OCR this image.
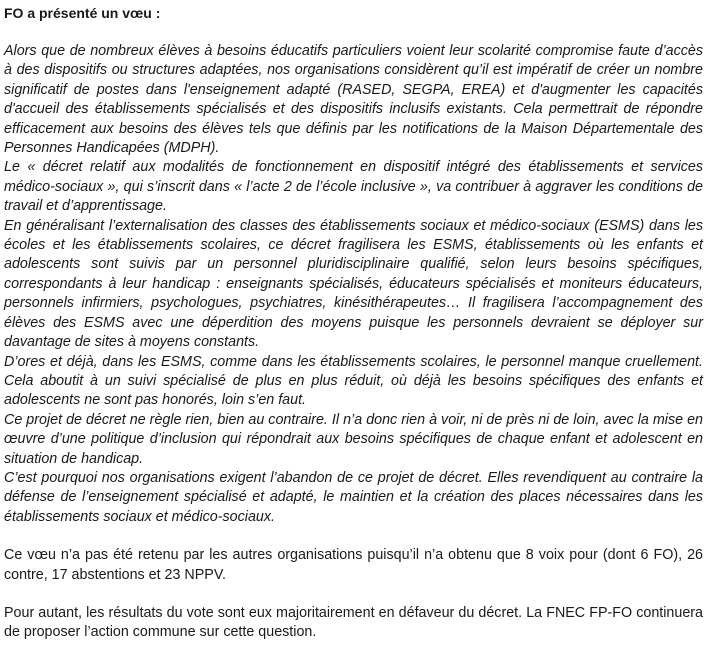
FO a présenté un vœu :

Alors que de nombreux élèves à besoins éducatifs particuliers voient leur scolarité compromise faute d’accès à des dispositifs ou structures adaptées, nos organisations considèrent qu’il est impératif de créer un nombre significatif de postes dans l'enseignement adapté (RASED, SEGPA, EREA) et d'augmenter les capacités d'accueil des établissements spécialisés et des dispositifs inclusifs existants. Cela permettrait de répondre efficacement aux besoins des élèves tels que définis par les notifications de la Maison Départementale des Personnes Handicapées (MDPH).

Le « décret relatif aux modalités de fonctionnement en dispositif intégré des établissements et services médico-sociaux », qui s’inscrit dans « l’acte 2 de l’école inclusive », va contribuer à aggraver les conditions de travail et d’apprentissage.

En généralisant l’externalisation des classes des établissements sociaux et médico-sociaux (ESMS) dans les écoles et les établissements scolaires, ce décret fragilisera les ESMS, établissements où les enfants et adolescents sont suivis par un personnel pluridisciplinaire qualifié, selon leurs besoins spécifiques, correspondants à leur handicap : enseignants spécialisés, éducateurs spécialisés et moniteurs éducateurs, personnels infirmiers, psychologues, psychiatres, kinésithérapeutes… Il fragilisera l’accompagnement des élèves des ESMS avec une déperdition des moyens puisque les personnels devraient se déployer sur davantage de sites à moyens constants.

D’ores et déjà, dans les ESMS, comme dans les établissements scolaires, le personnel manque cruellement. Cela aboutit à un suivi spécialisé de plus en plus réduit, où déjà les besoins spécifiques des enfants et adolescents ne sont pas honorés, loin s’en faut.

Ce projet de décret ne règle rien, bien au contraire. Il n’a donc rien à voir, ni de près ni de loin, avec la mise en œuvre d’une politique d’inclusion qui répondrait aux besoins spécifiques de chaque enfant et adolescent en situation de handicap.

C’est pourquoi nos organisations exigent l’abandon de ce projet de décret. Elles revendiquent au contraire la défense de l’enseignement spécialisé et adapté, le maintien et la création des places nécessaires dans les établissements sociaux et médico-sociaux.

Ce vœu n’a pas été retenu par les autres organisations puisqu’il n’a obtenu que 8 voix pour (dont 6 FO), 26 contre, 17 abstentions et 23 NPPV.

Pour autant, les résultats du vote sont eux majoritairement en défaveur du décret. La FNEC FP-FO continuera de proposer l’action commune sur cette question.
